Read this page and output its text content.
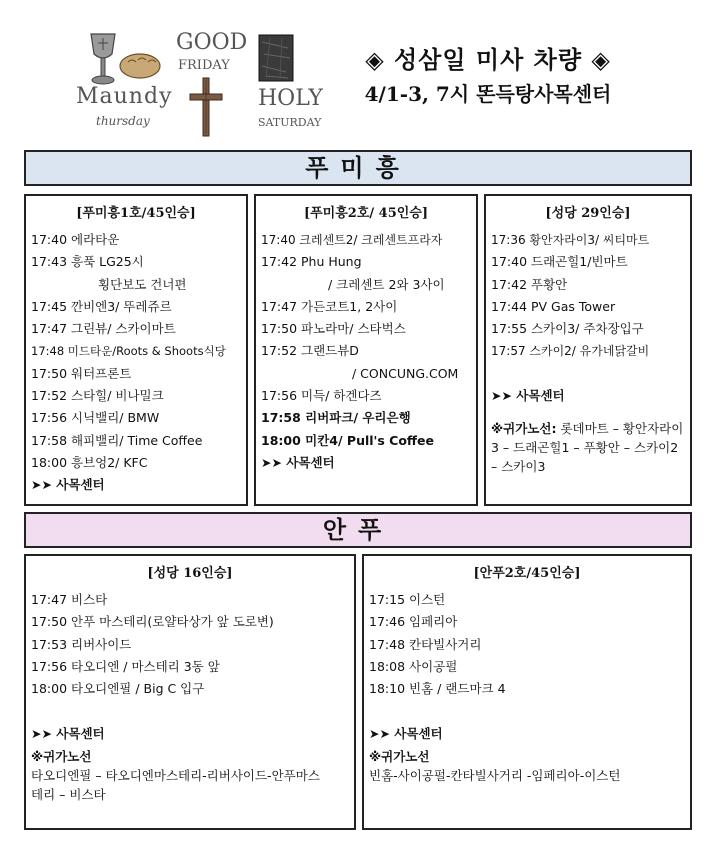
Maundy
thursday
GOOD
FRIDAY
HOLY
SATURDAY
◈ 성삼일 미사 차량 ◈
4/1-3, 7시 똔득탕사목센터
푸미흥
[푸미흥1호/45인승]
17:40 에라타운
17:43 흥푹 LG25시
횡단보도 건너편
17:45 깐비엔3/ 뚜레쥬르
17:47 그린뷰/ 스카이마트
17:48 미드타운/Roots & Shoots식당
17:50 워터프론트
17:52 스타힐/ 비나밀크
17:56 시닉밸리/ BMW
17:58 해피밸리/ Time Coffee
18:00 흥브엉2/ KFC
➤➤ 사목센터
[푸미흥2호/ 45인승]
17:40 크레센트2/ 크레센트프라자
17:42 Phu Hung
/ 크레센트 2와 3사이
17:47 가든코트1, 2사이
17:50 파노라마/ 스타벅스
17:52 그랜드뷰D
/ CONCUNG.COM
17:56 미득/ 하겐다즈
17:58 리버파크/ 우리은행
18:00 미칸4/ Pull's Coffee
➤➤ 사목센터
[성당 29인승]
17:36 황안자라이3/ 씨티마트
17:40 드래곤힐1/빈마트
17:42 푸황안
17:44 PV Gas Tower
17:55 스카이3/ 주차장입구
17:57 스카이2/ 유가네닭갈비

➤➤ 사목센터
※귀가노선: 롯데마트 – 황안자라이3 – 드래곤힐1 – 푸황안 – 스카이2 – 스카이3
안푸
[성당 16인승]
17:47 비스타
17:50 안푸 마스테리(로얄타상가 앞 도로변)
17:53 리버사이드
17:56 타오디엔 / 마스테리 3동 앞
18:00 타오디엔필 / Big C 입구

➤➤ 사목센터
※귀가노선
타오디엔필 – 타오디엔마스테리-리버사이드-안푸마스테리 – 비스타
[안푸2호/45인승]
17:15 이스턴
17:46 임페리아
17:48 칸타빌사거리
18:08 사이공펄
18:10 빈홈 / 랜드마크 4

➤➤ 사목센터
※귀가노선
빈홈-사이공펄-칸타빌사거리 -임페리아-이스턴
